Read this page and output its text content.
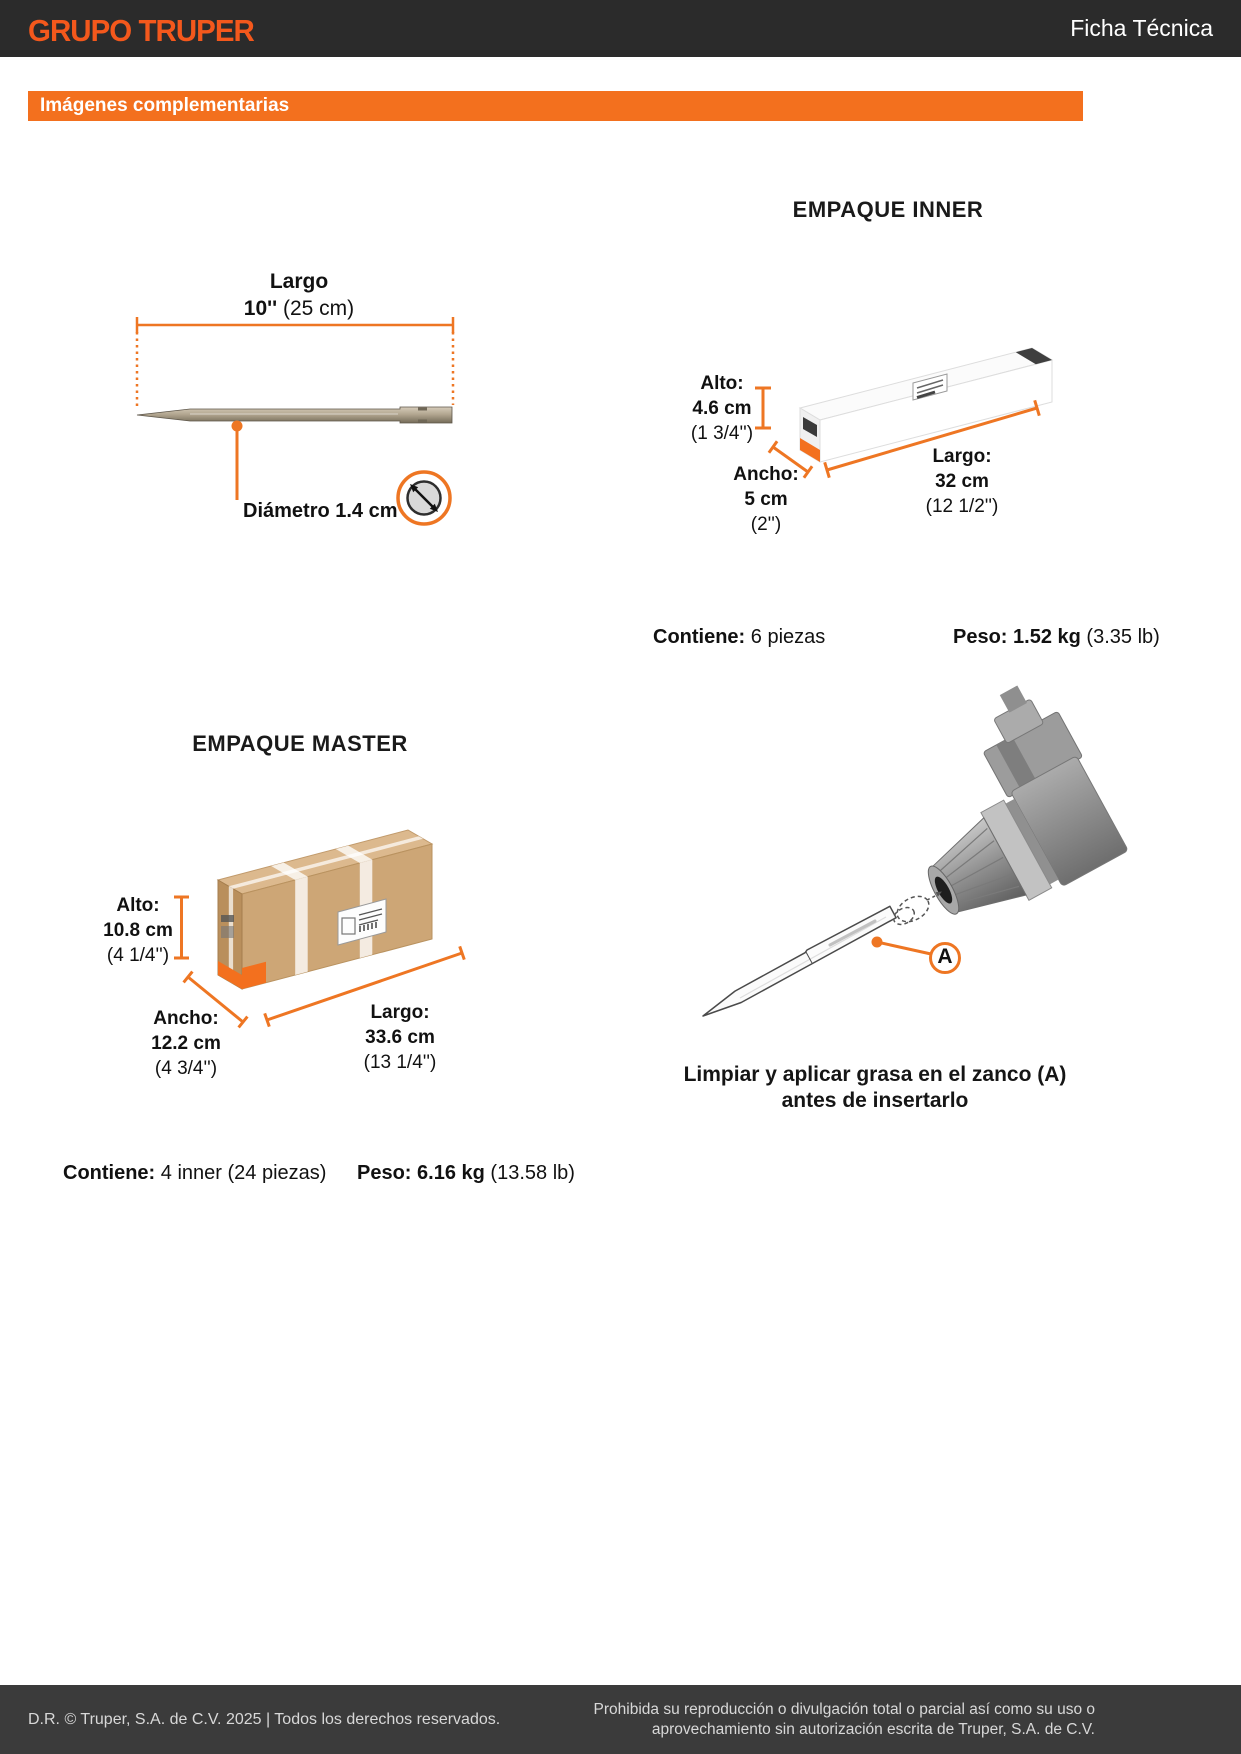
GRUPO TRUPER	Ficha Técnica
Imágenes complementarias
Largo
10'' (25 cm)
Diámetro 1.4 cm
EMPAQUE INNER
Alto:
4.6 cm
(1 3/4'')
Ancho:
5 cm
(2'')
Largo:
32 cm
(12 1/2'')
Contiene: 6 piezas	Peso: 1.52 kg (3.35 lb)
EMPAQUE MASTER
Alto:
10.8 cm
(4 1/4'')
Ancho:
12.2 cm
(4 3/4'')
Largo:
33.6 cm
(13 1/4'')
Contiene: 4 inner (24 piezas) Peso: 6.16 kg (13.58 lb)
A
Limpiar y aplicar grasa en el zanco (A)
antes de insertarlo
D.R. © Truper, S.A. de C.V. 2025 | Todos los derechos reservados.
Prohibida su reproducción o divulgación total o parcial así como su uso o
aprovechamiento sin autorización escrita de Truper, S.A. de C.V.
